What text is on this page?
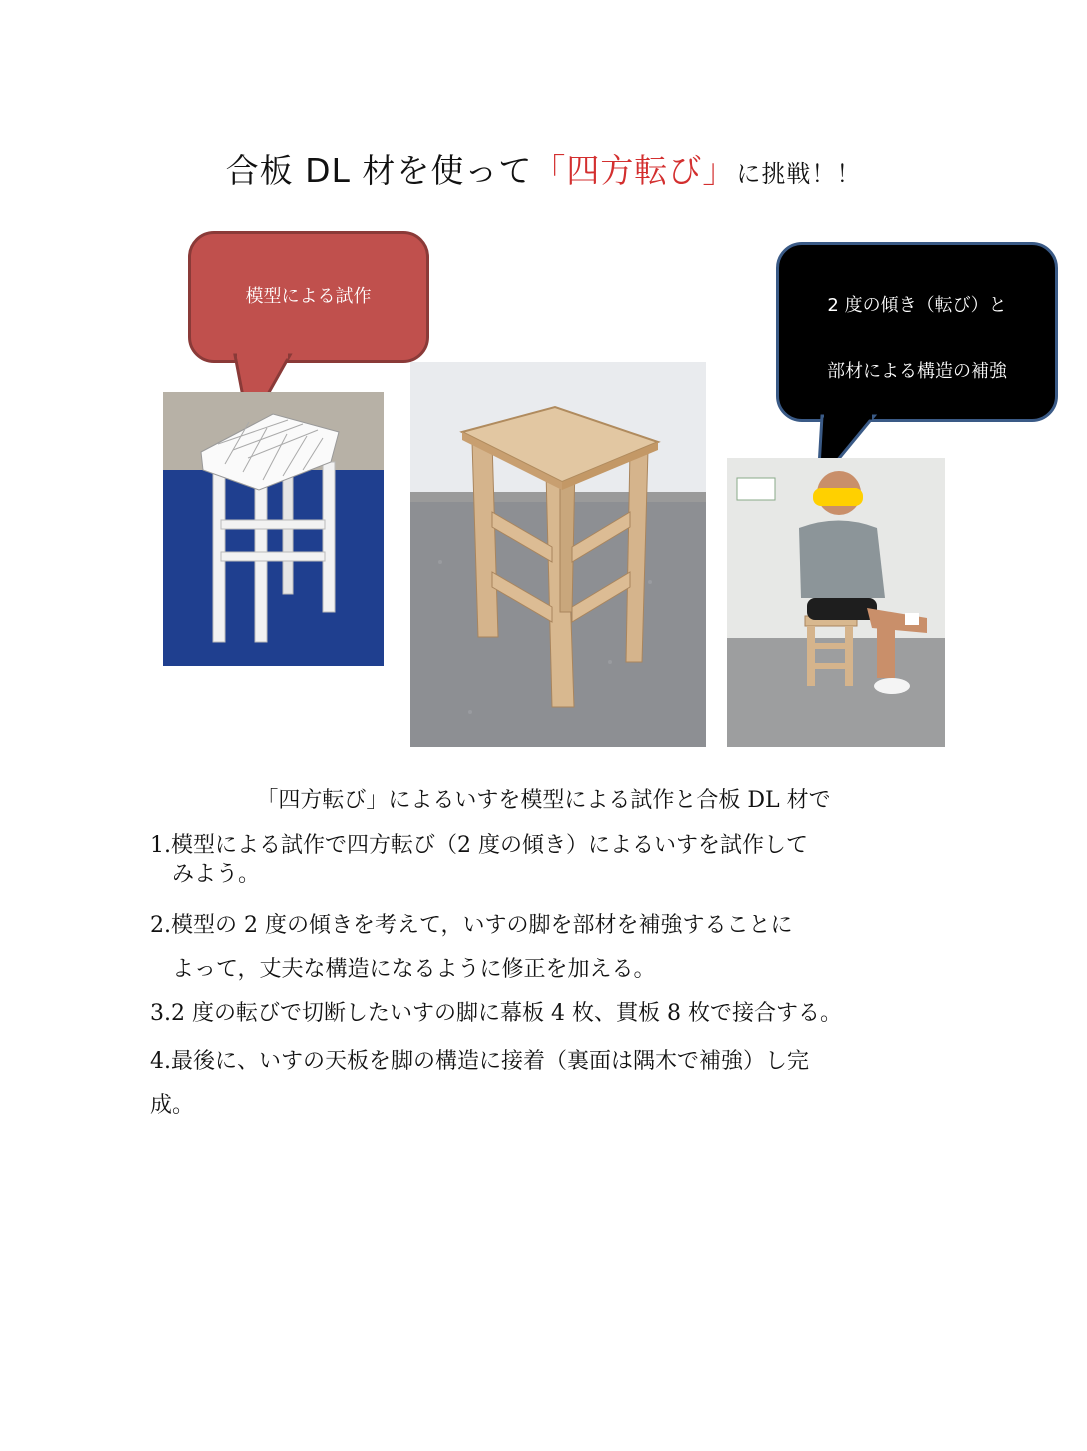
合板 DL 材を使って「四方転び」に挑戦！！
模型による試作	2 度の傾き（転び）と
部材による構造の補強
「四方転び」によるいすを模型による試作と合板 DL 材で
1.模型による試作で四方転び（2 度の傾き）によるいすを試作して
みよう。
2.模型の 2 度の傾きを考えて，いすの脚を部材を補強することに
よって，丈夫な構造になるように修正を加える。
3.2 度の転びで切断したいすの脚に幕板 4 枚、貫板 8 枚で接合する。
4.最後に、いすの天板を脚の構造に接着（裏面は隅木で補強）し完
成。
